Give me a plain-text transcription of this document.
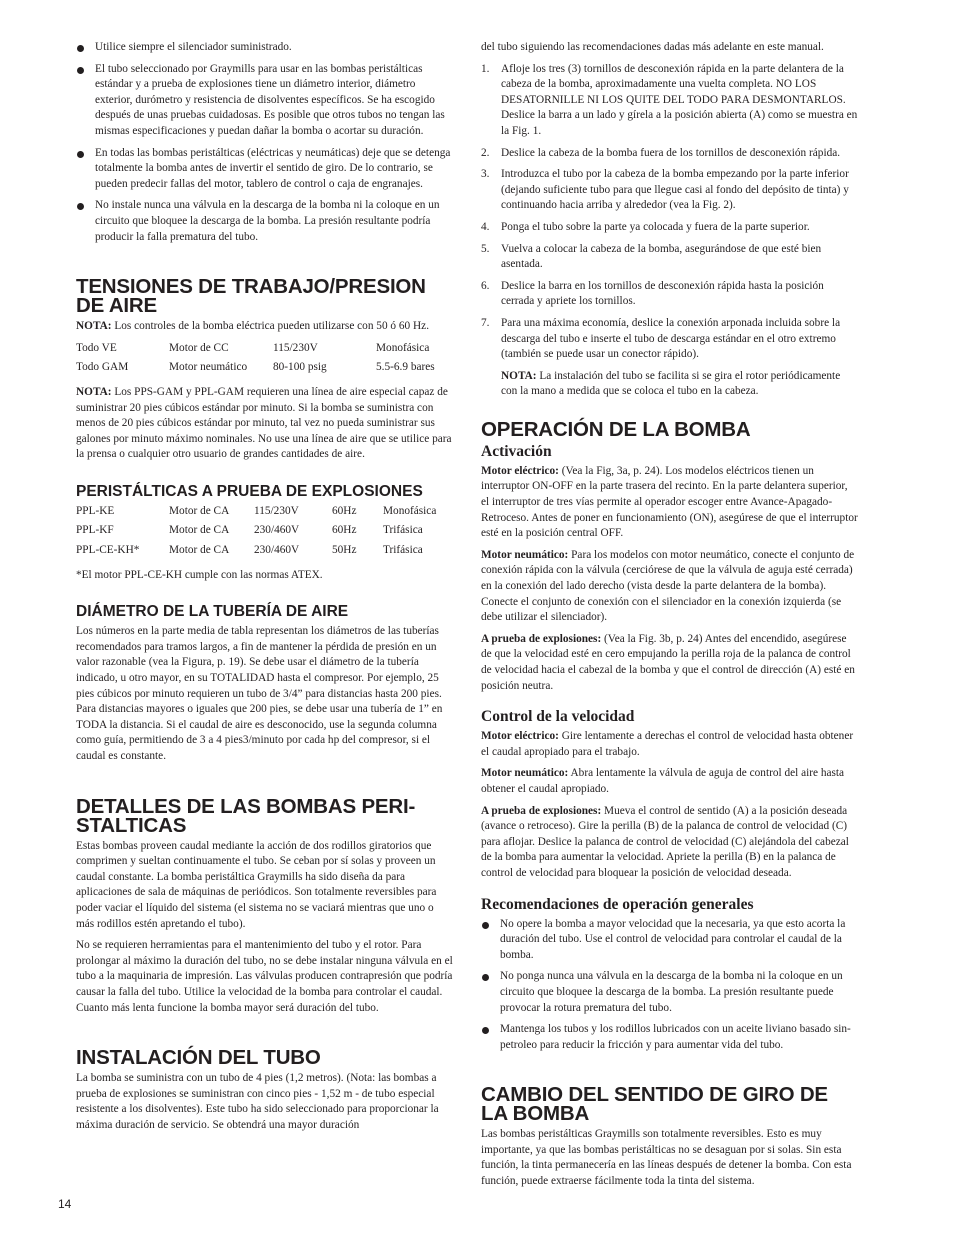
Utilice siempre el silenciador suministrado.
El tubo seleccionado por Graymills para usar en las bombas peristálticas estándar y a prueba de explosiones tiene un diámetro interior, diámetro exterior, durómetro y resistencia de disolventes específicos. Se ha escogido después de unas pruebas cuidadosas. Es posible que otros tubos no tengan las mismas especificaciones y puedan dañar la bomba o acortar su duración.
En todas las bombas peristálticas (eléctricas y neumáticas) deje que se detenga totalmente la bomba antes de invertir el sentido de giro. De lo contrario, se pueden predecir fallas del motor, tablero de control o caja de engranajes.
No instale nunca una válvula en la descarga de la bomba ni la coloque en un circuito que bloquee la descarga de la bomba. La presión resultante podría producir la falla prematura del tubo.
TENSIONES DE TRABAJO/PRESION DE AIRE

NOTA: Los controles de la bomba eléctrica pueden utilizarse con 50 ó 60 Hz.

Todo VE	Motor de CC	115/230V	Monofásica
Todo GAM	Motor neumático	80-100 psig	5.5-6.9 bares

NOTA: Los PPS-GAM y PPL-GAM requieren una línea de aire especial capaz de suministrar 20 pies cúbicos estándar por minuto. Si la bomba se suministra con menos de 20 pies cúbicos estándar por minuto, tal vez no pueda suministrar sus galones por minuto máximo nominales. No use una línea de aire que se utilice para la prensa o cualquier otro usuario de grandes cantidades de aire.

PERISTÁLTICAS A PRUEBA DE EXPLOSIONES
PPL-KE	Motor de CA	115/230V	60Hz	Monofásica
PPL-KF	Motor de CA	230/460V	60Hz	Trifásica
PPL-CE-KH*	Motor de CA	230/460V	50Hz	Trifásica

*El motor PPL-CE-KH cumple con las normas ATEX.

DIÁMETRO DE LA TUBERÍA DE AIRE

Los números en la parte media de tabla representan los diámetros de las tuberías recomendados para tramos largos, a fin de mantener la pérdida de presión en un valor razonable (vea la Figura, p. 19). Se debe usar el diámetro de la tubería indicado, u otro mayor, en su TOTALIDAD hasta el compresor. Por ejemplo, 25 pies cúbicos por minuto requieren un tubo de 3/4” para distancias hasta 200 pies. Para distancias mayores o iguales que 200 pies, se debe usar una tubería de 1” en TODA la distancia. Si el caudal de aire es desconocido, use la segunda columna como guía, permitiendo de 3 a 4 pies3/minuto por cada hp del compresor, si el caudal es constante.

DETALLES DE LAS BOMBAS PERI-
STALTICAS

Estas bombas proveen caudal mediante la acción de dos rodillos giratorios que comprimen y sueltan continuamente el tubo. Se ceban por sí solas y proveen un caudal constante. La bomba peristáltica Graymills ha sido diseña da para aplicaciones de sala de máquinas de periódicos. Son totalmente reversibles para poder vaciar el líquido del sistema (el sistema no se vaciará mientras que uno o más rodillos estén apretando el tubo).

No se requieren herramientas para el mantenimiento del tubo y el rotor. Para prolongar al máximo la duración del tubo, no se debe instalar ninguna válvula en el tubo a la maquinaria de impresión. Las válvulas producen contrapresión que podría causar la falla del tubo. Utilice la velocidad de la bomba para controlar el caudal. Cuanto más lenta funcione la bomba mayor será duración del tubo.

INSTALACIÓN DEL TUBO

La bomba se suministra con un tubo de 4 pies (1,2 metros). (Nota: las bombas a prueba de explosiones se suministran con cinco pies - 1,52 m - de tubo especial resistente a los disolventes). Este tubo ha sido seleccionado para proporcionar la máxima duración de servicio. Se obtendrá una mayor duración

del tubo siguiendo las recomendaciones dadas más adelante en este manual.

1. Afloje los tres (3) tornillos de desconexión rápida en la parte delantera de la cabeza de la bomba, aproximadamente una vuelta completa. NO LOS DESATORNILLE NI LOS QUITE DEL TODO PARA DESMONTARLOS. Deslice la barra a un lado y gírela a la posición abierta (A) como se muestra en la Fig. 1.
2. Deslice la cabeza de la bomba fuera de los tornillos de desconexión rápida.
3. Introduzca el tubo por la cabeza de la bomba empezando por la parte inferior (dejando suficiente tubo para que llegue casi al fondo del depósito de tinta) y continuando hacia arriba y alrededor (vea la Fig. 2).
4. Ponga el tubo sobre la parte ya colocada y fuera de la parte superior.
5. Vuelva a colocar la cabeza de la bomba, asegurándose de que esté bien asentada.
6. Deslice la barra en los tornillos de desconexión rápida hasta la posición cerrada y apriete los tornillos.
7. Para una máxima economía, deslice la conexión arponada incluida sobre la descarga del tubo e inserte el tubo de descarga estándar en el otro extremo (también se puede usar un conector rápido).
NOTA: La instalación del tubo se facilita si se gira el rotor periódicamente con la mano a medida que se coloca el tubo en la cabeza.
OPERACIÓN DE LA BOMBA
Activación

Motor eléctrico: (Vea la Fig, 3a, p. 24). Los modelos eléctricos tienen un interruptor ON-OFF en la parte trasera del recinto. En la parte delantera superior, el interruptor de tres vías permite al operador escoger entre Avance-Apagado-Retroceso. Antes de poner en funcionamiento (ON), asegúrese de que el interruptor esté en la posición central OFF.

Motor neumático: Para los modelos con motor neumático, conecte el conjunto de conexión rápida con la válvula (cerciórese de que la válvula de aguja esté cerrada) en la conexión del lado derecho (vista desde la parte delantera de la bomba). Conecte el conjunto de conexión con el silenciador en la conexión izquierda (se debe utilizar el silenciador).

A prueba de explosiones: (Vea la Fig. 3b, p. 24) Antes del encendido, asegúrese de que la velocidad esté en cero empujando la perilla roja de la palanca de control de velocidad hacia el cabezal de la bomba y que el control de dirección (A) esté en posición neutra.

Control de la velocidad

Motor eléctrico: Gire lentamente a derechas el control de velocidad hasta obtener el caudal apropiado para el trabajo.

Motor neumático: Abra lentamente la válvula de aguja de control del aire hasta obtener el caudal apropiado.

A prueba de explosiones: Mueva el control de sentido (A) a la posición deseada (avance o retroceso). Gire la perilla (B) de la palanca de control de velocidad (C) para aflojar. Deslice la palanca de control de velocidad (C) alejándola del cabezal de la bomba para aumentar la velocidad. Apriete la perilla (B) en la palanca de control de velocidad para bloquear la posición de velocidad deseada.

Recomendaciones de operación generales
No opere la bomba a mayor velocidad que la necesaria, ya que esto acorta la duración del tubo. Use el control de velocidad para controlar el caudal de la bomba.
No ponga nunca una válvula en la descarga de la bomba ni la coloque en un circuito que bloquee la descarga de la bomba. La presión resultante puede provocar la rotura prematura del tubo.
Mantenga los tubos y los rodillos lubricados con un aceite liviano basado sin-petroleo para reducir la fricción y para aumentar vida del tubo.
CAMBIO DEL SENTIDO DE GIRO DE LA BOMBA

Las bombas peristálticas Graymills son totalmente reversibles. Esto es muy importante, ya que las bombas peristálticas no se desaguan por si solas. Sin esta función, la tinta permanecería en las líneas después de detener la bomba. Con esta función, puede extraerse fácilmente toda la tinta del sistema.

14
